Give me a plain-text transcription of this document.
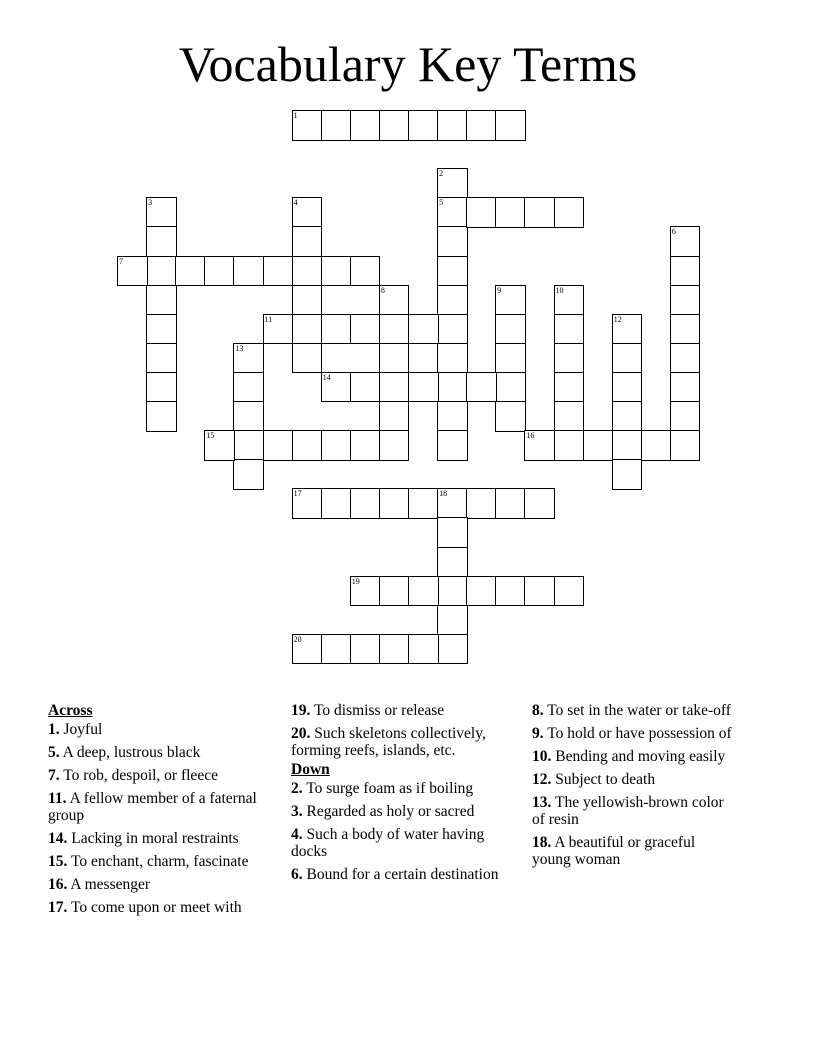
Vocabulary Key Terms
1
2
5
3	4
6
7
8	9	10
11	12
13
14
15	16
17	18
19
20
Across
1. Joyful
5. A deep, lustrous black
7. To rob, despoil, or fleece
11. A fellow member of a faternal group
14. Lacking in moral restraints
15. To enchant, charm, fascinate
16. A messenger
17. To come upon or meet with
19. To dismiss or release
20. Such skeletons collectively, forming reefs, islands, etc.
Down
2. To surge foam as if boiling
3. Regarded as holy or sacred
4. Such a body of water having docks
6. Bound for a certain destination
8. To set in the water or take-off
9. To hold or have possession of
10. Bending and moving easily
12. Subject to death
13. The yellowish-brown color of resin
18. A beautiful or graceful young woman
